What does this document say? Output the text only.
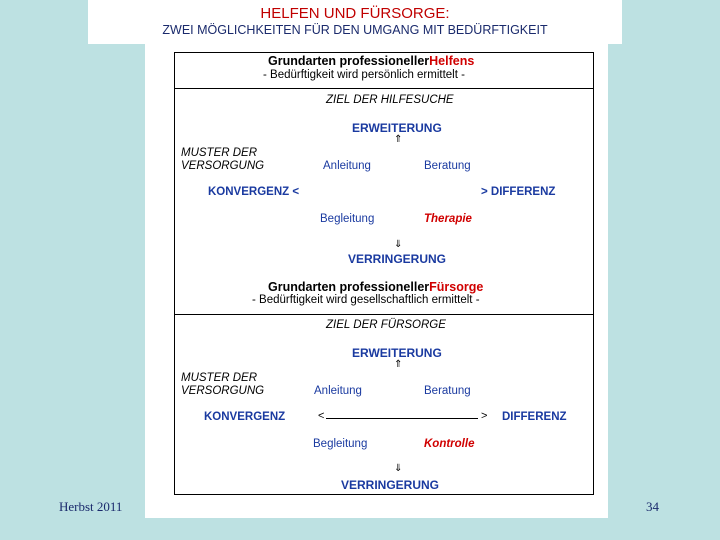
HELFEN UND FÜRSORGE:
ZWEI MÖGLICHKEITEN FÜR DEN UMGANG MIT BEDÜRFTIGKEIT
Grundarten professionellerHelfens
- Bedürftigkeit wird persönlich ermittelt -
ZIEL DER HILFESUCHE
ERWEITERUNG
⇑
MUSTER DER
VERSORGUNG	Anleitung	Beratung
KONVERGENZ <	> DIFFERENZ
Begleitung	Therapie
⇓
VERRINGERUNG
Grundarten professionellerFürsorge
- Bedürftigkeit wird gesellschaftlich ermittelt -
ZIEL DER FÜRSORGE
ERWEITERUNG
⇑
MUSTER DER
VERSORGUNG	Anleitung	Beratung
KONVERGENZ	<	> DIFFERENZ
Begleitung	Kontrolle
⇓
VERRINGERUNG
Herbst 2011	34
